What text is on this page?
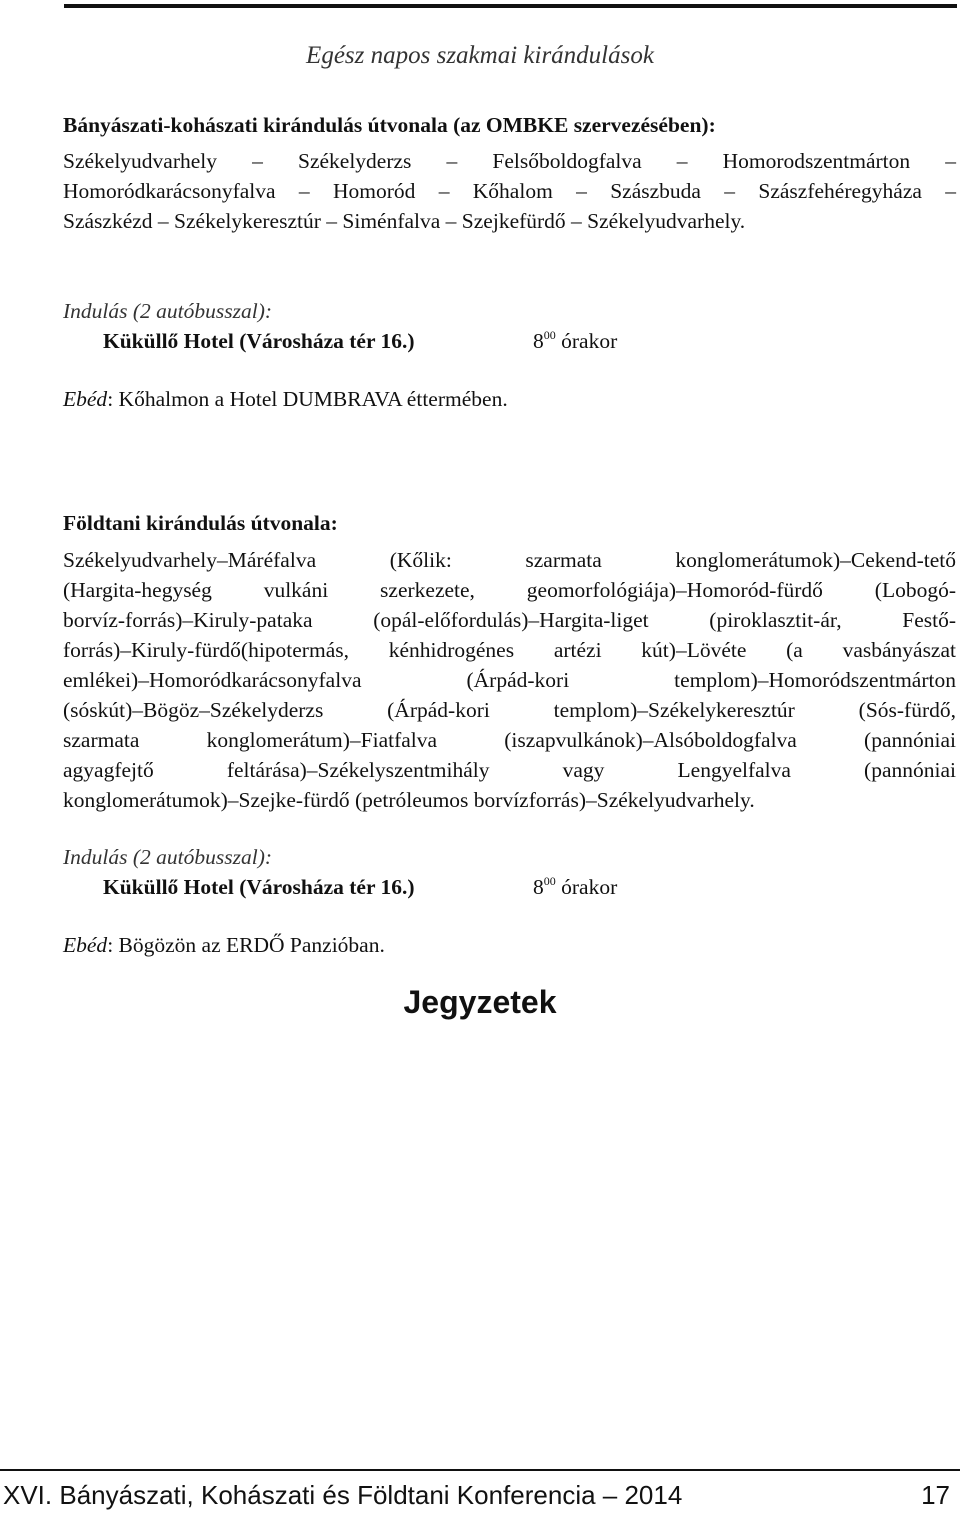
Egész napos szakmai kirándulások
Bányászati-kohászati kirándulás útvonala (az OMBKE szervezésében):
Székelyudvarhely – Székelyderzs – Felsőboldogfalva – Homorodszentmárton –
Homoródkarácsonyfalva – Homoród – Kőhalom – Szászbuda – Szászfehéregyháza –
Szászkézd – Székelykeresztúr – Siménfalva – Szejkefürdő – Székelyudvarhely.
Indulás (2 autóbusszal):
Küküllő Hotel (Városháza tér 16.)	$8^{00}$ órakor
Ebéd: Kőhalmon a Hotel DUMBRAVA éttermében.
Földtani kirándulás útvonala:
Székelyudvarhely–Máréfalva (Kőlik: szarmata konglomerátumok)–Cekend-tető
(Hargita-hegység vulkáni szerkezete, geomorfológiája)–Homoród-fürdő (Lobogó-
borvíz-forrás)–Kiruly-pataka (opál-előfordulás)–Hargita-liget (piroklasztit-ár, Festő-
forrás)–Kiruly-fürdő(hipotermás, kénhidrogénes artézi kút)–Lövéte (a vasbányászat
emlékei)–Homoródkarácsonyfalva (Árpád-kori templom)–Homoródszentmárton
(sóskút)–Bögöz–Székelyderzs (Árpád-kori templom)–Székelykeresztúr (Sós-fürdő,
szarmata konglomerátum)–Fiatfalva (iszapvulkánok)–Alsóboldogfalva (pannóniai
agyagfejtő feltárása)–Székelyszentmihály vagy Lengyelfalva (pannóniai
konglomerátumok)–Szejke-fürdő (petróleumos borvízforrás)–Székelyudvarhely.
Indulás (2 autóbusszal):
Küküllő Hotel (Városháza tér 16.)	$8^{00}$ órakor
Ebéd: Bögözön az ERDŐ Panzióban.
Jegyzetek
XVI. Bányászati, Kohászati és Földtani Konferencia – 2014	17
